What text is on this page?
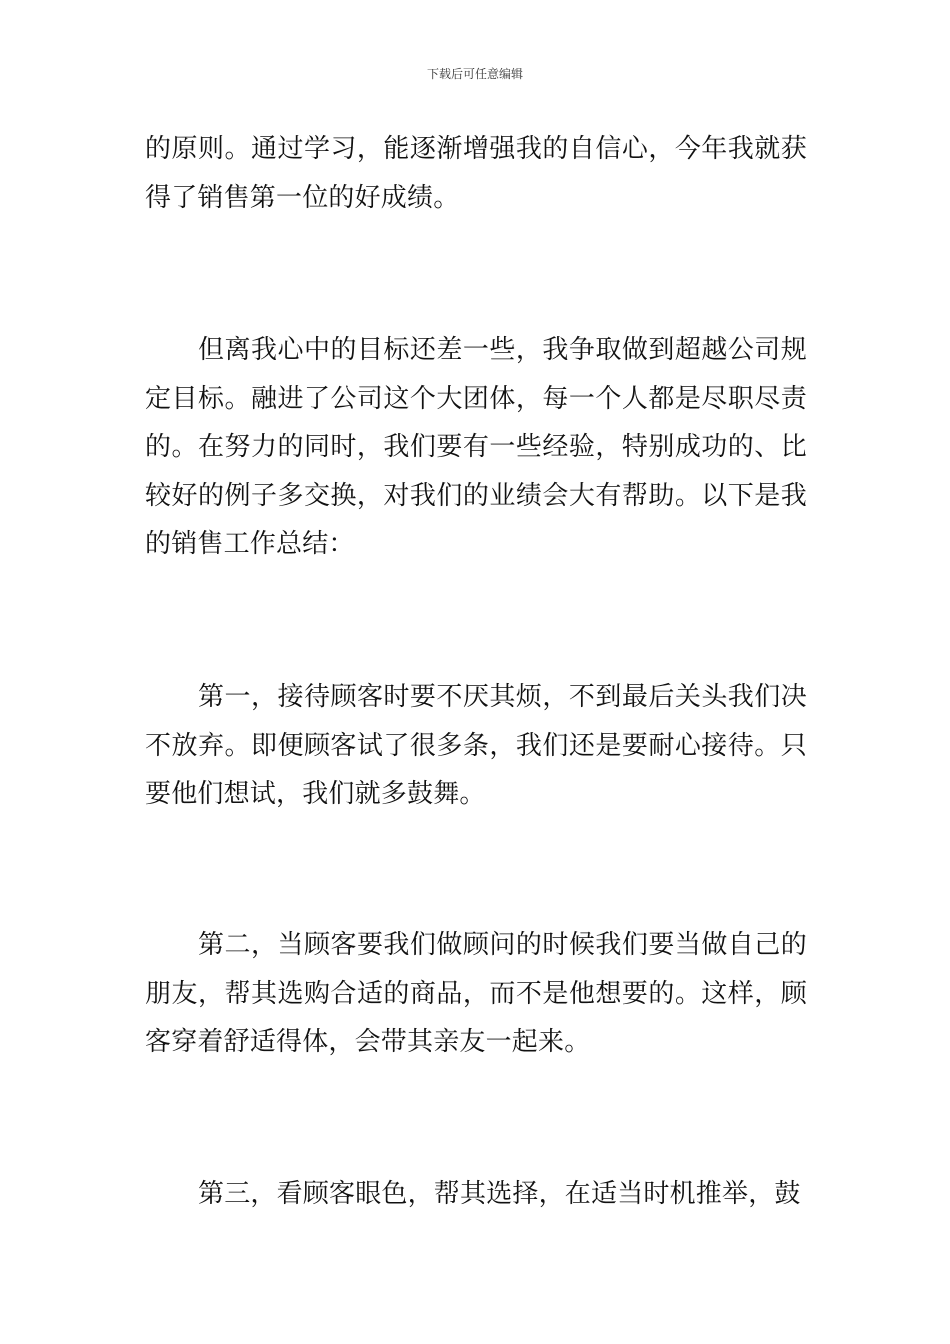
下载后可任意编辑

的原则。通过学习，能逐渐增强我的自信心，今年我就获得了销售第一位的好成绩。

但离我心中的目标还差一些，我争取做到超越公司规定目标。融进了公司这个大团体，每一个人都是尽职尽责的。在努力的同时，我们要有一些经验，特别成功的、比较好的例子多交换，对我们的业绩会大有帮助。以下是我的销售工作总结：

第一，接待顾客时要不厌其烦，不到最后关头我们决不放弃。即便顾客试了很多条，我们还是要耐心接待。只要他们想试，我们就多鼓舞。

第二，当顾客要我们做顾问的时候我们要当做自己的朋友，帮其选购合适的商品，而不是他想要的。这样，顾客穿着舒适得体，会带其亲友一起来。

第三，看顾客眼色，帮其选择，在适当时机推举，鼓
